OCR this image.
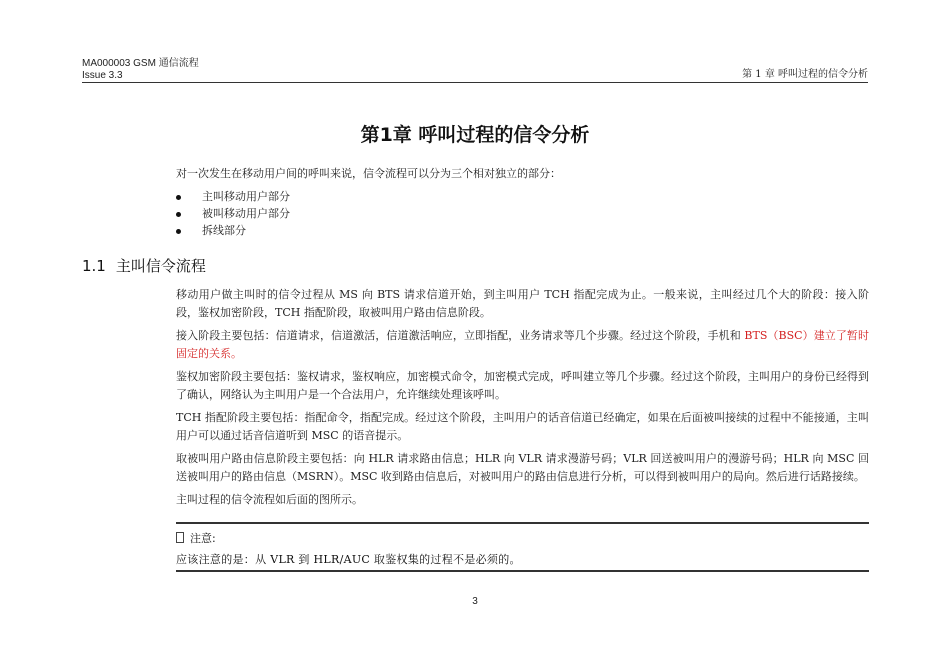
MA000003 GSM 通信流程
Issue 3.3	第 1 章 呼叫过程的信令分析
第1章 呼叫过程的信令分析
对一次发生在移动用户间的呼叫来说，信令流程可以分为三个相对独立的部分：
主叫移动用户部分
被叫移动用户部分
拆线部分
1.1 主叫信令流程

移动用户做主叫时的信令过程从 MS 向 BTS 请求信道开始，到主叫用户 TCH 指配完成为止。一般来说，主叫经过几个大的阶段：接入阶段，鉴权加密阶段，TCH 指配阶段，取被叫用户路由信息阶段。

接入阶段主要包括：信道请求，信道激活，信道激活响应，立即指配，业务请求等几个步骤。经过这个阶段，手机和 BTS（BSC）建立了暂时固定的关系。

鉴权加密阶段主要包括：鉴权请求，鉴权响应，加密模式命令，加密模式完成，呼叫建立等几个步骤。经过这个阶段，主叫用户的身份已经得到了确认，网络认为主叫用户是一个合法用户，允许继续处理该呼叫。

TCH 指配阶段主要包括：指配命令，指配完成。经过这个阶段，主叫用户的话音信道已经确定，如果在后面被叫接续的过程中不能接通，主叫用户可以通过话音信道听到 MSC 的语音提示。

取被叫用户路由信息阶段主要包括：向 HLR 请求路由信息；HLR 向 VLR 请求漫游号码；VLR 回送被叫用户的漫游号码；HLR 向 MSC 回送被叫用户的路由信息（MSRN）。MSC 收到路由信息后，对被叫用户的路由信息进行分析，可以得到被叫用户的局向。然后进行话路接续。

主叫过程的信令流程如后面的图所示。

注意:
应该注意的是：从 VLR 到 HLR/AUC 取鉴权集的过程不是必须的。
3
